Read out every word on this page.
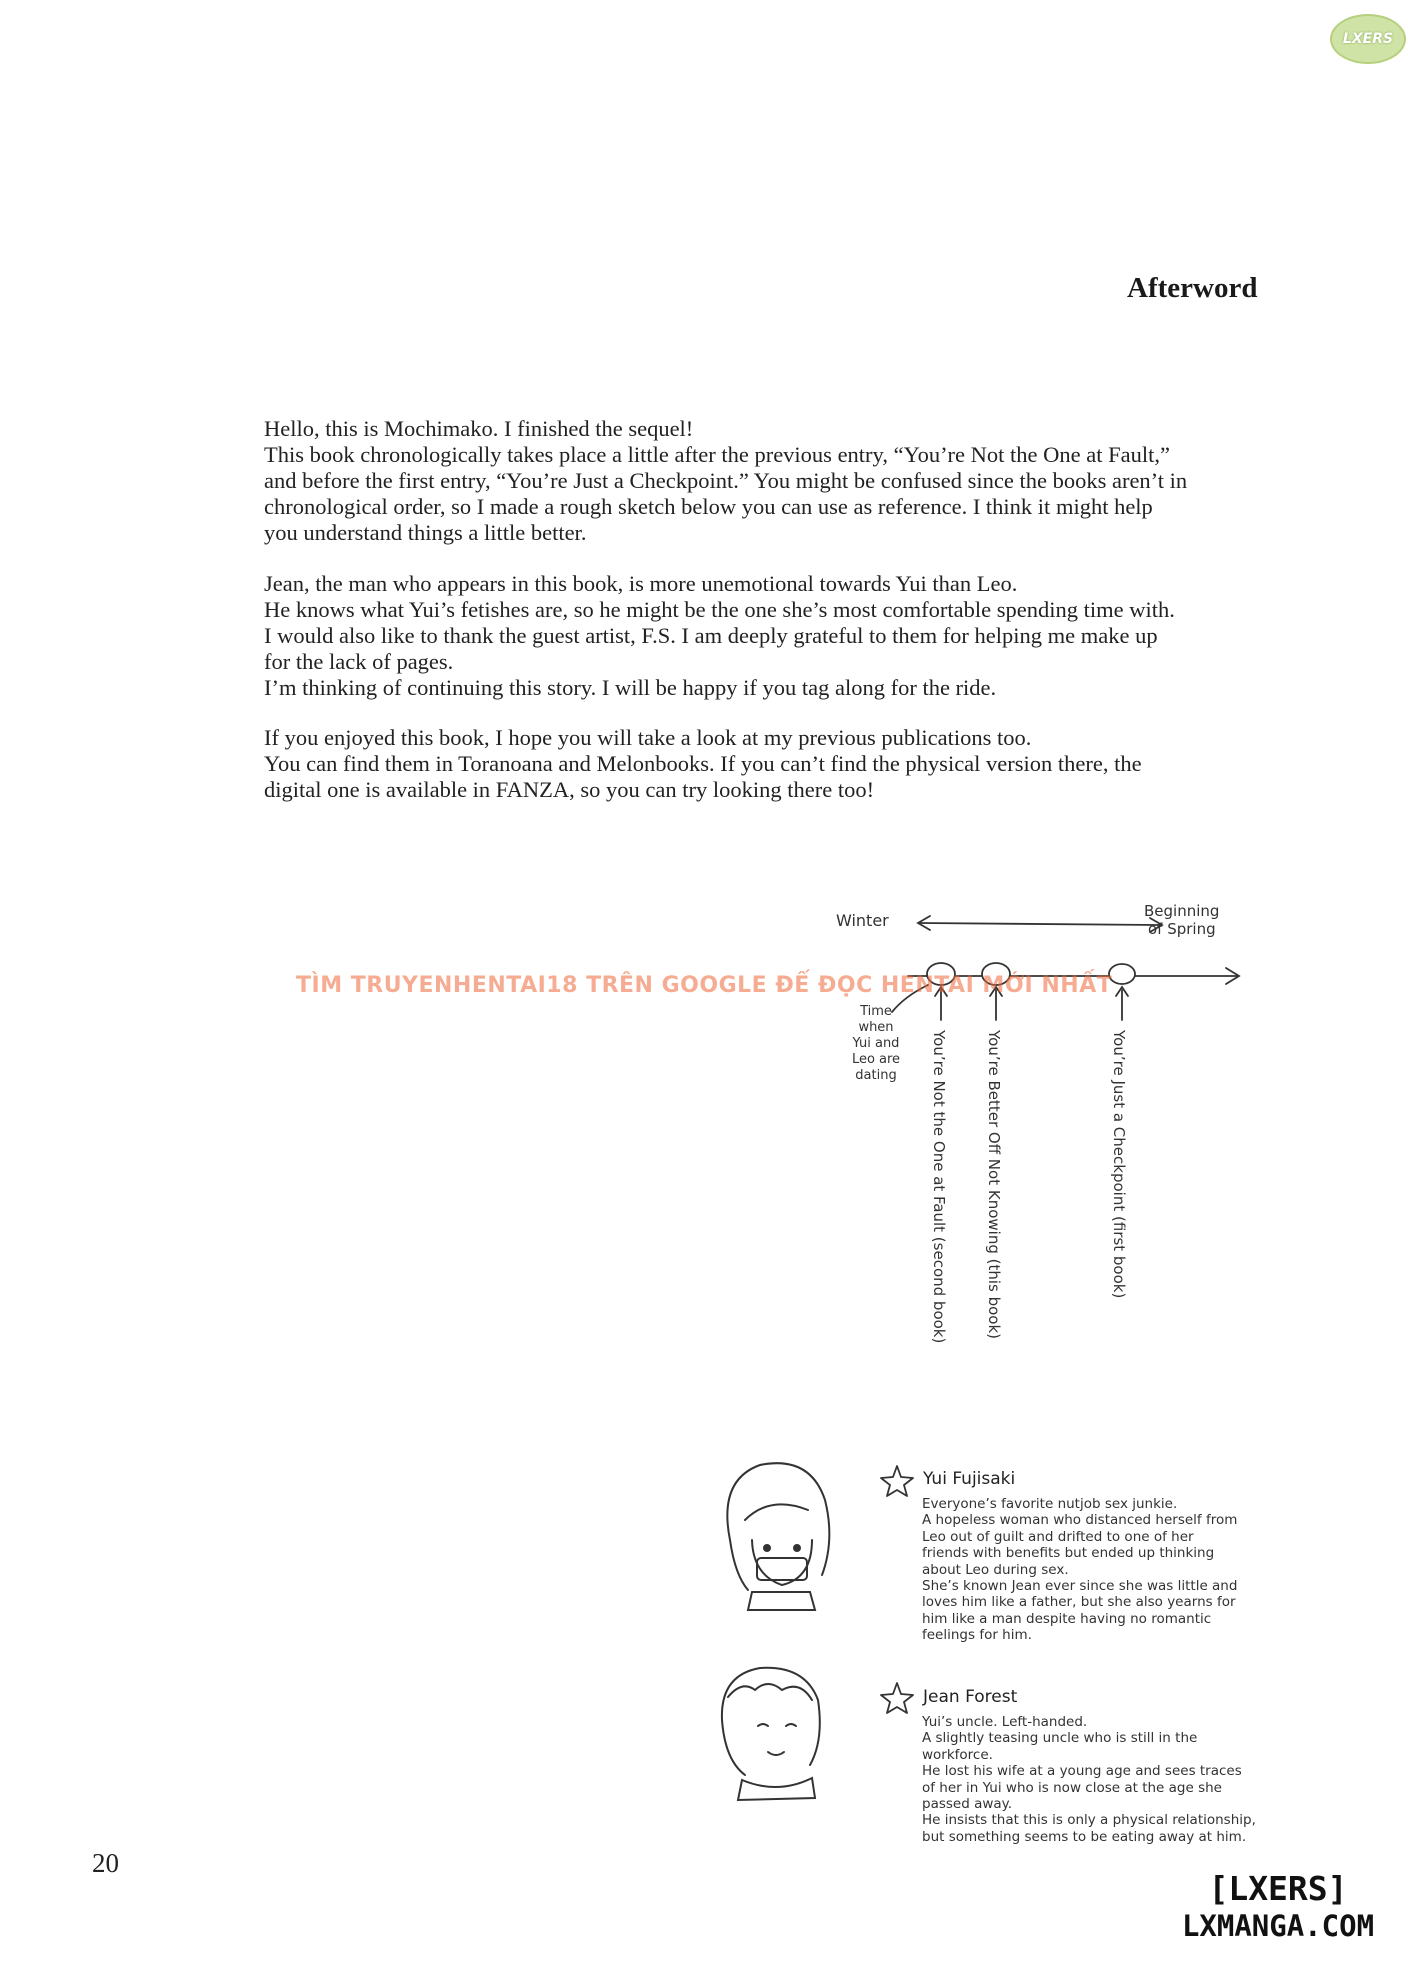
LXERS
Afterword
Hello, this is Mochimako. I finished the sequel!
This book chronologically takes place a little after the previous entry, “You’re Not the One at Fault,”
and before the first entry, “You’re Just a Checkpoint.” You might be confused since the books aren’t in
chronological order, so I made a rough sketch below you can use as reference. I think it might help
you understand things a little better.
Jean, the man who appears in this book, is more unemotional towards Yui than Leo.
He knows what Yui’s fetishes are, so he might be the one she’s most comfortable spending time with.
I would also like to thank the guest artist, F.S. I am deeply grateful to them for helping me make up
for the lack of pages.
I’m thinking of continuing this story. I will be happy if you tag along for the ride.
If you enjoyed this book, I hope you will take a look at my previous publications too.
You can find them in Toranoana and Melonbooks. If you can’t find the physical version there, the
digital one is available in FANZA, so you can try looking there too!
Winter	Beginning
of Spring
Time
when
Yui and
Leo are
dating	You’re Not the One at Fault (second book) You’re Better Off Not Knowing (this book)	You’re Just a Checkpoint (first book)
TÌM TRUYENHENTAI18 TRÊN GOOGLE ĐỂ ĐỌC HENTAI MỚI NHẤT
Yui Fujisaki
Everyone’s favorite nutjob sex junkie.
A hopeless woman who distanced herself from
Leo out of guilt and drifted to one of her
friends with benefits but ended up thinking
about Leo during sex.
She’s known Jean ever since she was little and
loves him like a father, but she also yearns for
him like a man despite having no romantic
feelings for him.
Jean Forest
Yui’s uncle. Left-handed.
A slightly teasing uncle who is still in the
workforce.
He lost his wife at a young age and sees traces
of her in Yui who is now close at the age she
passed away.
He insists that this is only a physical relationship,
but something seems to be eating away at him.
20
[LXERS]
LXMANGA.COM
